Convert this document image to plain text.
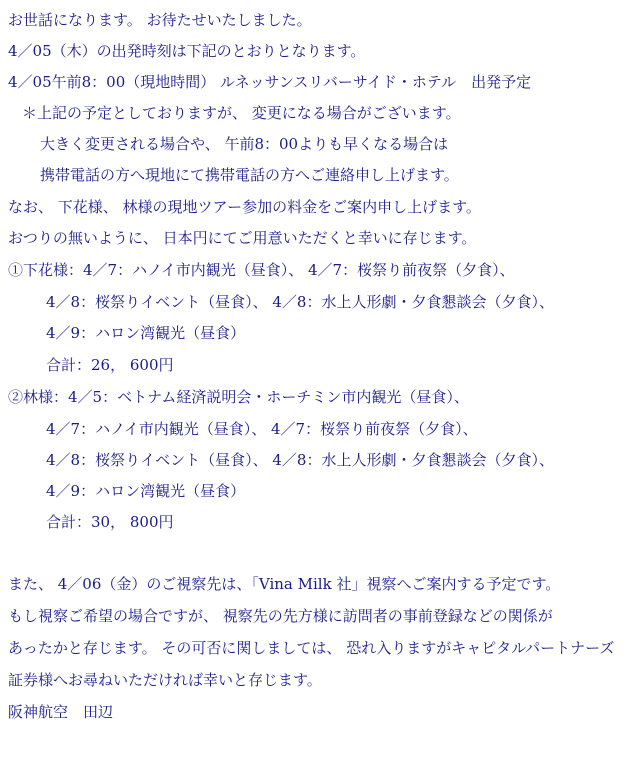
お世話になります。 お待たせいたしました。
4／05（木）の出発時刻は下記のとおりとなります。
4／05午前8：00（現地時間） ルネッサンスリバーサイド・ホテル　出発予定
＊上記の予定としておりますが、 変更になる場合がございます。
大きく変更される場合や、 午前8：00よりも早くなる場合は
携帯電話の方へ現地にて携帯電話の方へご連絡申し上げます。
なお、 下花様、 林様の現地ツアー参加の料金をご案内申し上げます。
おつりの無いように、 日本円にてご用意いただくと幸いに存じます。
①下花様：4／7：ハノイ市内観光（昼食）、 4／7：桜祭り前夜祭（夕食）、
4／8：桜祭りイベント（昼食）、 4／8：水上人形劇・夕食懇談会（夕食）、
4／9：ハロン湾観光（昼食）
合計：26， 600円
②林様：4／5：ベトナム経済説明会・ホーチミン市内観光（昼食）、
4／7：ハノイ市内観光（昼食）、 4／7：桜祭り前夜祭（夕食）、
4／8：桜祭りイベント（昼食）、 4／8：水上人形劇・夕食懇談会（夕食）、
4／9：ハロン湾観光（昼食）
合計：30， 800円
また、 4／06（金）のご視察先は、「Vina Milk 社」視察へご案内する予定です。
もし視察ご希望の場合ですが、 視察先の先方様に訪問者の事前登録などの関係が
あったかと存じます。 その可否に関しましては、 恐れ入りますがキャピタルパートナーズ
証券様へお尋ねいただければ幸いと存じます。
阪神航空　田辺
